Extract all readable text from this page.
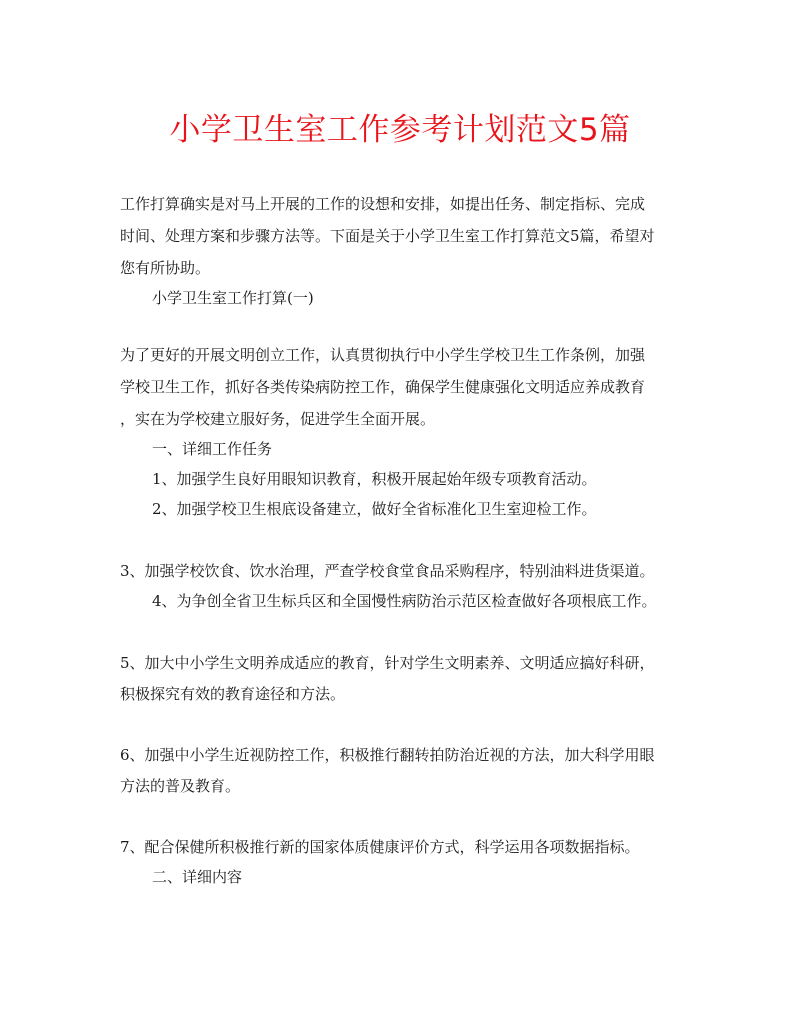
小学卫生室工作参考计划范文5篇
工作打算确实是对马上开展的工作的设想和安排，如提出任务、制定指标、完成
时间、处理方案和步骤方法等。下面是关于小学卫生室工作打算范文5篇，希望对
您有所协助。
小学卫生室工作打算(一)
为了更好的开展文明创立工作，认真贯彻执行中小学生学校卫生工作条例，加强
学校卫生工作，抓好各类传染病防控工作，确保学生健康强化文明适应养成教育
，实在为学校建立服好务，促进学生全面开展。
一、详细工作任务
1、加强学生良好用眼知识教育，积极开展起始年级专项教育活动。
2、加强学校卫生根底设备建立，做好全省标准化卫生室迎检工作。
3、加强学校饮食、饮水治理，严查学校食堂食品采购程序，特别油料进货渠道。
4、为争创全省卫生标兵区和全国慢性病防治示范区检查做好各项根底工作。
5、加大中小学生文明养成适应的教育，针对学生文明素养、文明适应搞好科研，
积极探究有效的教育途径和方法。
6、加强中小学生近视防控工作，积极推行翻转拍防治近视的方法，加大科学用眼
方法的普及教育。
7、配合保健所积极推行新的国家体质健康评价方式，科学运用各项数据指标。
二、详细内容
